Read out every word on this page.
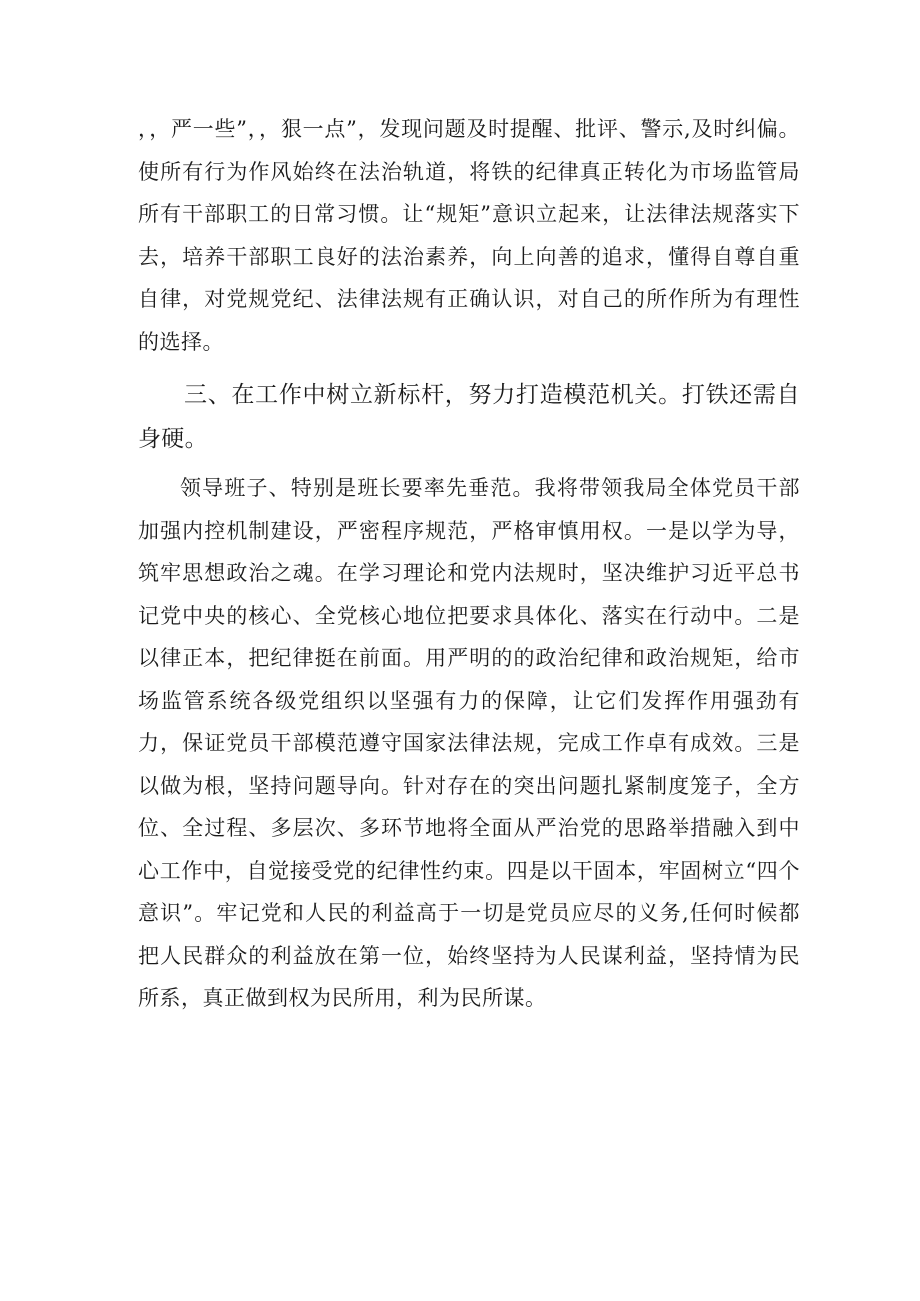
，，严一些”，，狠一点”，发现问题及时提醒、批评、警示,及时纠偏。使所有行为作风始终在法治轨道，将铁的纪律真正转化为市场监管局所有干部职工的日常习惯。让“规矩”意识立起来，让法律法规落实下去，培养干部职工良好的法治素养，向上向善的追求，懂得自尊自重自律，对党规党纪、法律法规有正确认识，对自己的所作所为有理性的选择。

三、在工作中树立新标杆，努力打造模范机关。打铁还需自身硬。

领导班子、特别是班长要率先垂范。我将带领我局全体党员干部加强内控机制建设，严密程序规范，严格审慎用权。一是以学为导，筑牢思想政治之魂。在学习理论和党内法规时，坚决维护习近平总书记党中央的核心、全党核心地位把要求具体化、落实在行动中。二是以律正本，把纪律挺在前面。用严明的的政治纪律和政治规矩，给市场监管系统各级党组织以坚强有力的保障，让它们发挥作用强劲有力，保证党员干部模范遵守国家法律法规，完成工作卓有成效。三是以做为根，坚持问题导向。针对存在的突出问题扎紧制度笼子，全方位、全过程、多层次、多环节地将全面从严治党的思路举措融入到中心工作中，自觉接受党的纪律性约束。四是以干固本，牢固树立“四个意识”。牢记党和人民的利益高于一切是党员应尽的义务,任何时候都把人民群众的利益放在第一位，始终坚持为人民谋利益，坚持情为民所系，真正做到权为民所用，利为民所谋。
